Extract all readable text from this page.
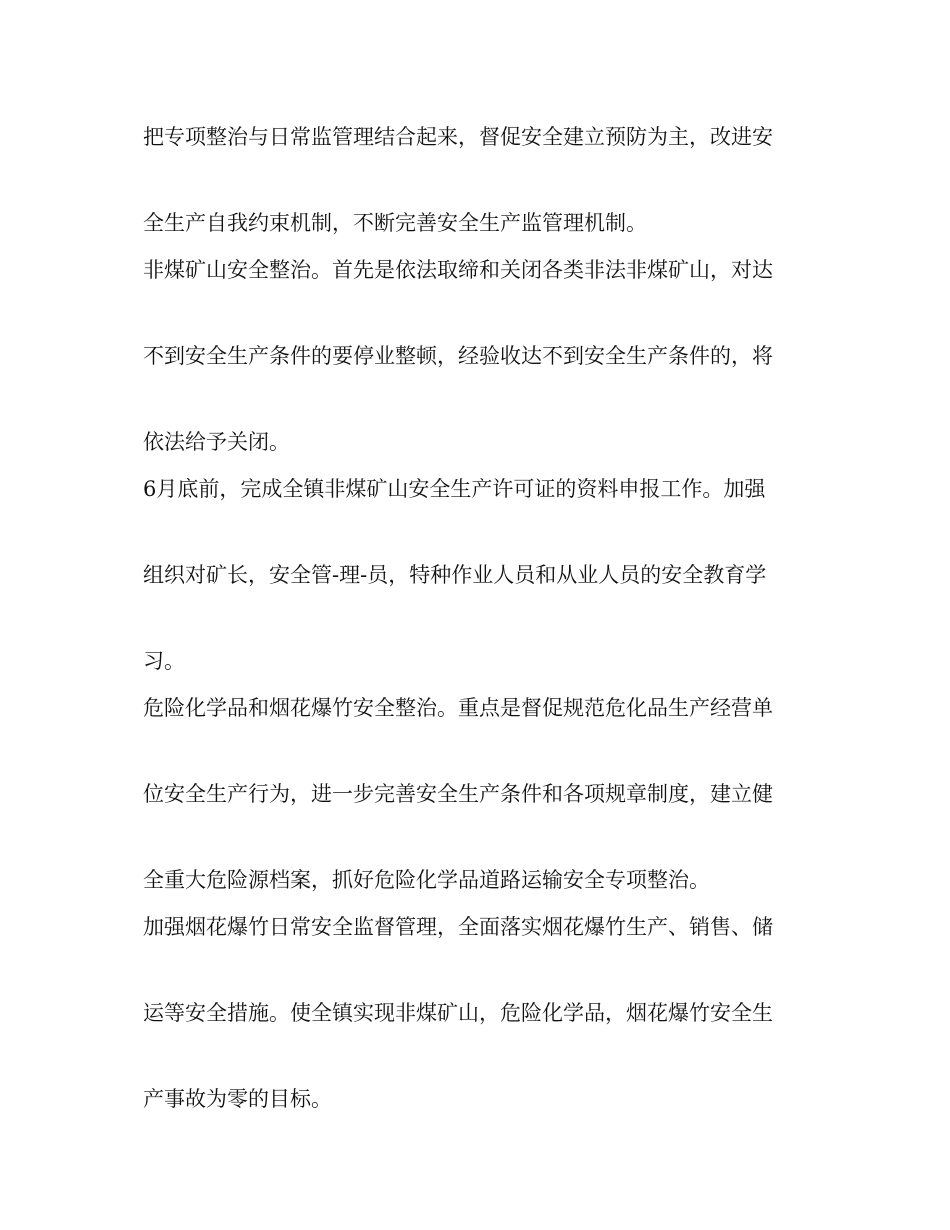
把专项整治与日常监管理结合起来，督促安全建立预防为主，改进安

全生产自我约束机制，不断完善安全生产监管理机制。

非煤矿山安全整治。首先是依法取缔和关闭各类非法非煤矿山，对达

不到安全生产条件的要停业整顿，经验收达不到安全生产条件的，将

依法给予关闭。

6月底前，完成全镇非煤矿山安全生产许可证的资料申报工作。加强

组织对矿长，安全管-理-员，特种作业人员和从业人员的安全教育学

习。

危险化学品和烟花爆竹安全整治。重点是督促规范危化品生产经营单

位安全生产行为，进一步完善安全生产条件和各项规章制度，建立健

全重大危险源档案，抓好危险化学品道路运输安全专项整治。

加强烟花爆竹日常安全监督管理，全面落实烟花爆竹生产、销售、储

运等安全措施。使全镇实现非煤矿山，危险化学品，烟花爆竹安全生

产事故为零的目标。
